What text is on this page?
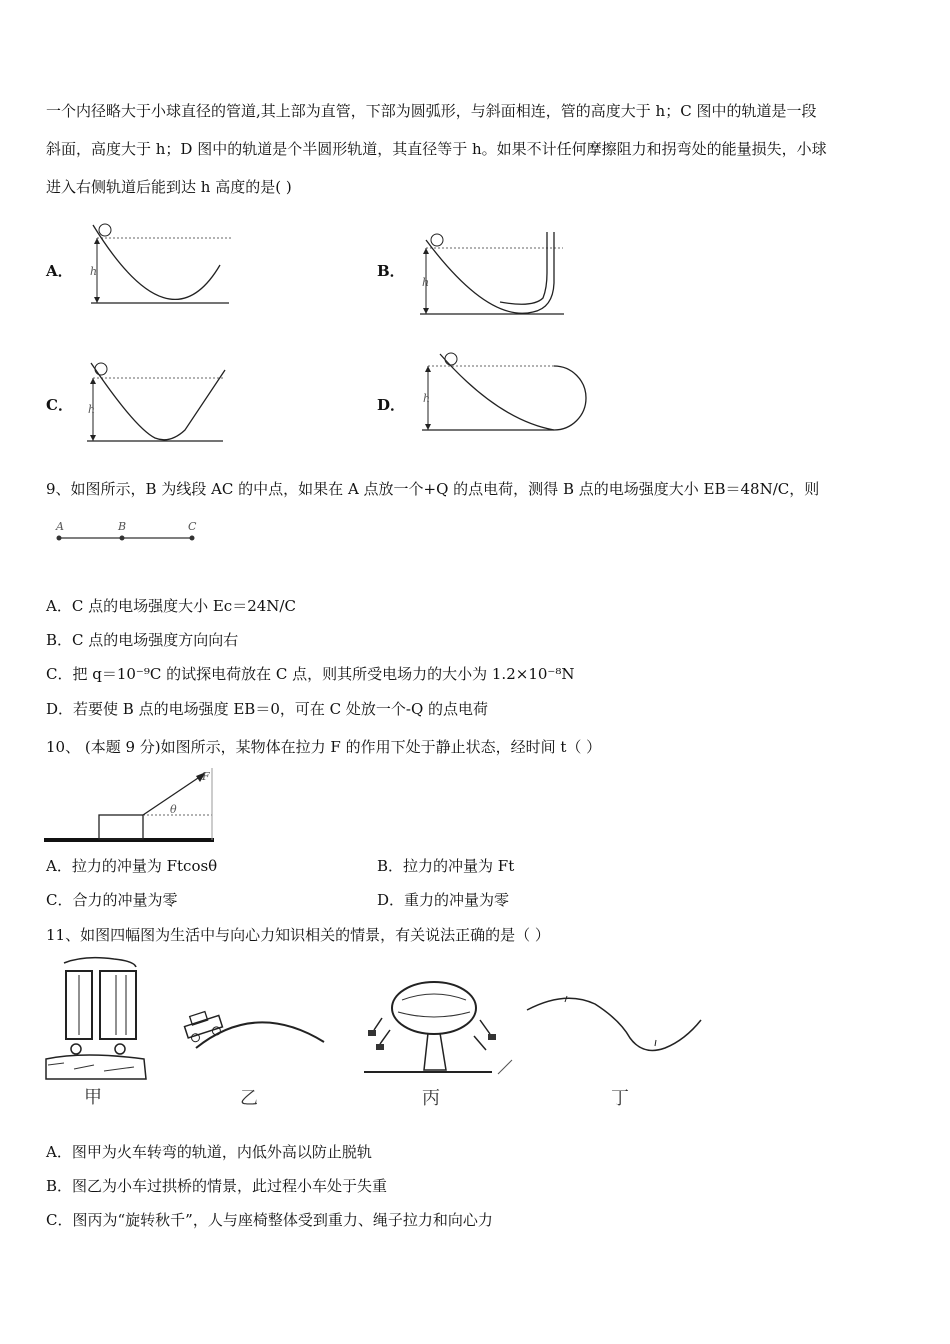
一个内径略大于小球直径的管道,其上部为直管，下部为圆弧形，与斜面相连，管的高度大于 h；C 图中的轨道是一段
斜面，高度大于 h；D 图中的轨道是个半圆形轨道，其直径等于 h。如果不计任何摩擦阻力和拐弯处的能量损失，小球
进入右侧轨道后能到达 h 高度的是( )
A． h	B．
h
C． h	D． h
9、如图所示，B 为线段 AC 的中点，如果在 A 点放一个+Q 的点电荷，测得 B 点的电场强度大小 EB＝48N/C，则
A	B	C
A．C 点的电场强度大小 Ec＝24N/C
B．C 点的电场强度方向向右
C．把 q＝10⁻⁹C 的试探电荷放在 C 点，则其所受电场力的大小为 1.2×10⁻⁸N
D．若要使 B 点的电场强度 EB＝0，可在 C 处放一个-Q 的点电荷
10、 (本题 9 分)如图所示，某物体在拉力 F 的作用下处于静止状态，经时间 t（ ）
F
θ
A．拉力的冲量为 Ftcosθ	B．拉力的冲量为 Ft
C．合力的冲量为零	D．重力的冲量为零
11、如图四幅图为生活中与向心力知识相关的情景，有关说法正确的是（ ）
甲	乙	丙	丁
A．图甲为火车转弯的轨道，内低外高以防止脱轨
B．图乙为小车过拱桥的情景，此过程小车处于失重
C．图丙为“旋转秋千”，人与座椅整体受到重力、绳子拉力和向心力
